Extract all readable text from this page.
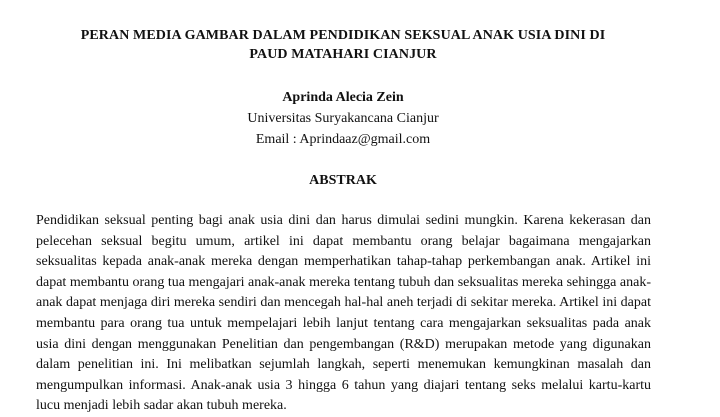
PERAN MEDIA GAMBAR DALAM PENDIDIKAN SEKSUAL ANAK USIA DINI DI
PAUD MATAHARI CIANJUR
Aprinda Alecia Zein
Universitas Suryakancana Cianjur
Email : Aprindaaz@gmail.com
ABSTRAK
Pendidikan seksual penting bagi anak usia dini dan harus dimulai sedini mungkin. Karena kekerasan dan pelecehan seksual begitu umum, artikel ini dapat membantu orang belajar bagaimana mengajarkan seksualitas kepada anak-anak mereka dengan memperhatikan tahap-tahap perkembangan anak. Artikel ini dapat membantu orang tua mengajari anak-anak mereka tentang tubuh dan seksualitas mereka sehingga anak-anak dapat menjaga diri mereka sendiri dan mencegah hal-hal aneh terjadi di sekitar mereka. Artikel ini dapat membantu para orang tua untuk mempelajari lebih lanjut tentang cara mengajarkan seksualitas pada anak usia dini dengan menggunakan Penelitian dan pengembangan (R&D) merupakan metode yang digunakan dalam penelitian ini. Ini melibatkan sejumlah langkah, seperti menemukan kemungkinan masalah dan mengumpulkan informasi. Anak-anak usia 3 hingga 6 tahun yang diajari tentang seks melalui kartu-kartu lucu menjadi lebih sadar akan tubuh mereka.
